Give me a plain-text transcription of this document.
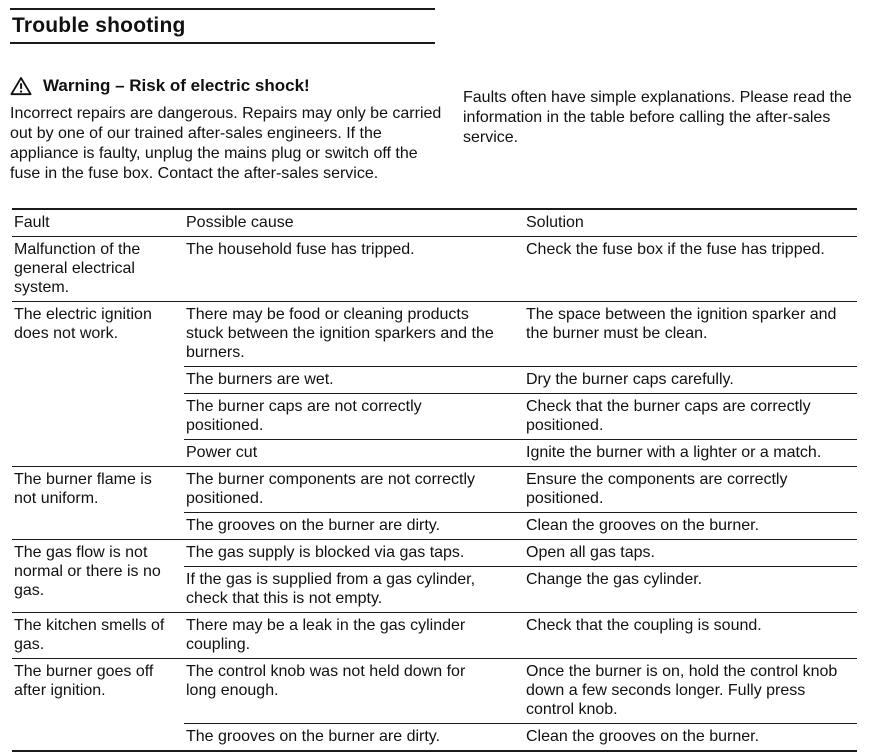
Trouble shooting
Warning – Risk of electric shock!

Incorrect repairs are dangerous. Repairs may only be carried out by one of our trained after-sales engineers. If the appliance is faulty, unplug the mains plug or switch off the fuse in the fuse box. Contact the after-sales service.

Faults often have simple explanations. Please read the information in the table before calling the after-sales service.

Fault	Possible cause	Solution
Malfunction of the general electrical system.	The household fuse has tripped.	Check the fuse box if the fuse has tripped.
The electric ignition does not work.	There may be food or cleaning products stuck between the ignition sparkers and the burners.	The space between the ignition sparker and the burner must be clean.
	The burners are wet.	Dry the burner caps carefully.
	The burner caps are not correctly positioned.	Check that the burner caps are correctly positioned.
	Power cut	Ignite the burner with a lighter or a match.
The burner flame is not uniform.	The burner components are not correctly positioned.	Ensure the components are correctly positioned.
	The grooves on the burner are dirty.	Clean the grooves on the burner.
The gas flow is not normal or there is no gas.	The gas supply is blocked via gas taps.	Open all gas taps.
	If the gas is supplied from a gas cylinder, check that this is not empty.	Change the gas cylinder.
The kitchen smells of gas.	There may be a leak in the gas cylinder coupling.	Check that the coupling is sound.
The burner goes off after ignition.	The control knob was not held down for long enough.	Once the burner is on, hold the control knob down a few seconds longer. Fully press control knob.
	The grooves on the burner are dirty.	Clean the grooves on the burner.
